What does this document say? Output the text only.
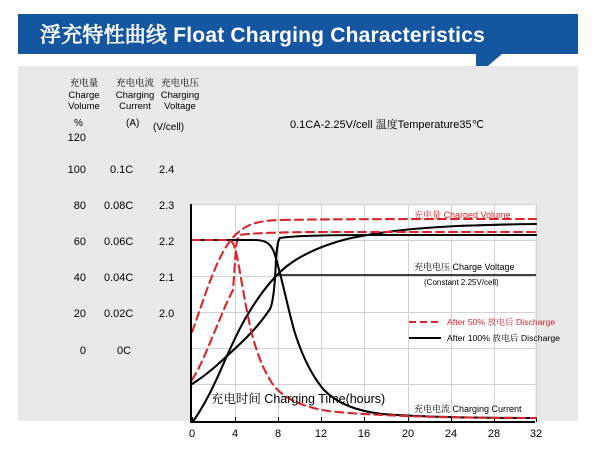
浮充特性曲线 Float Charging Characteristics
充电量
Charge
Volume
充电电流
Charging
Current
充电电压
Charging
Voltage
%	(A) (V/cell)
120
100
80
60
40
20
0
0.1C
0.08C
0.06C
0.04C
0.02C
0C
2.4
2.3
2.2
2.1
2.0
0.1CA-2.25V/cell 温度Temperature35℃
充电量 Charged Volume
充电电压 Charge Voltage
(Constant 2.25V/cell)
充电电流 Charging Current
After 50% 放电后 Discharge
After 100% 放电后 Discharge
0	4	8	12	16	20	24	28	32
充电时间 Charging Time(hours)
